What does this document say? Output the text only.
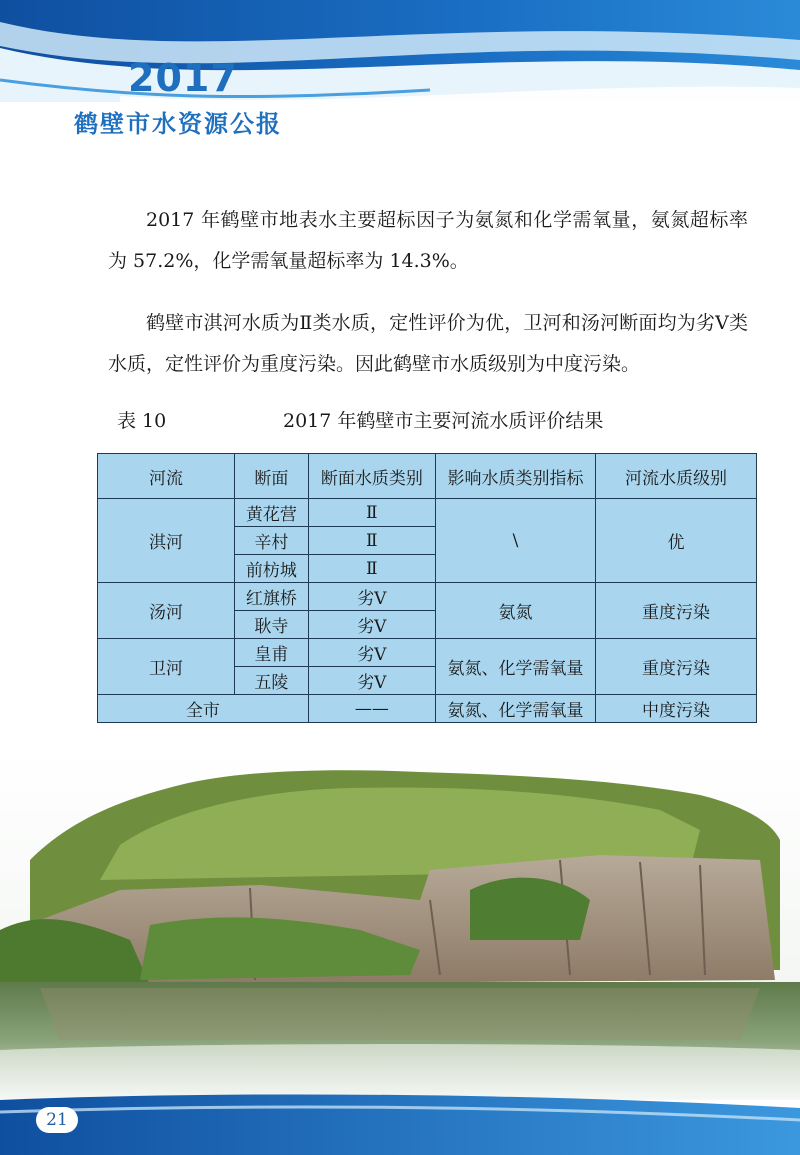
2017
鹤壁市水资源公报

2017 年鹤壁市地表水主要超标因子为氨氮和化学需氧量，氨氮超标率为 57.2%，化学需氧量超标率为 14.3%。

鹤壁市淇河水质为Ⅱ类水质，定性评价为优，卫河和汤河断面均为劣Ⅴ类水质，定性评价为重度污染。因此鹤壁市水质级别为中度污染。

表 10	2017 年鹤壁市主要河流水质评价结果
河流	断面	断面水质类别	影响水质类别指标	河流水质级别
淇河	黄花营	Ⅱ	\	优
	辛村	Ⅱ		
	前枋城	Ⅱ		
汤河	红旗桥	劣Ⅴ	氨氮	重度污染
	耿寺	劣Ⅴ		
卫河	皇甫	劣Ⅴ	氨氮、化学需氧量	重度污染
	五陵	劣Ⅴ		
全市		——	氨氮、化学需氧量	中度污染
21
